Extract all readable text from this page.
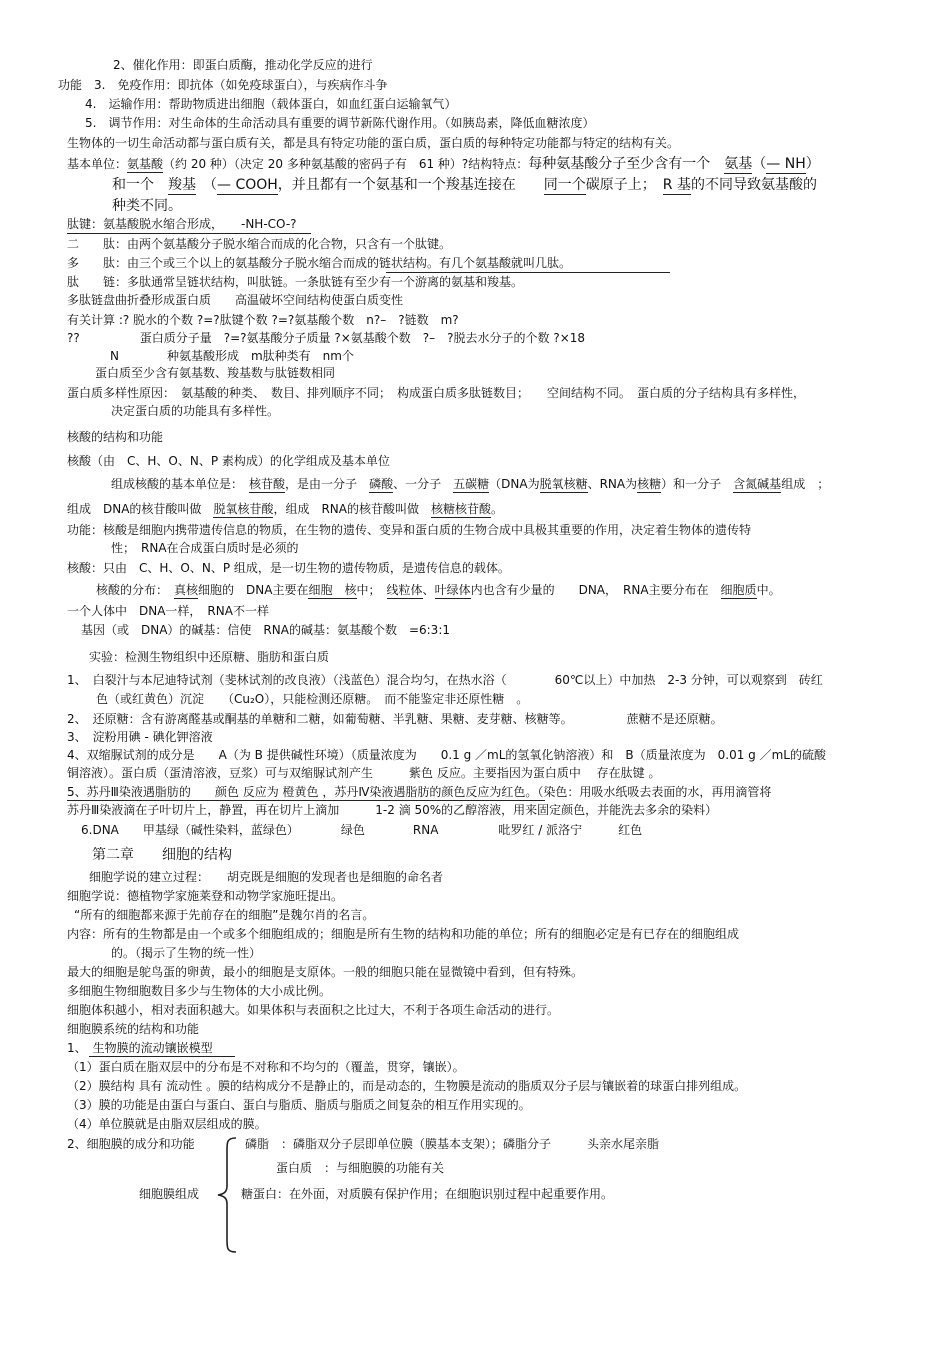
2、催化作用：即蛋白质酶，推动化学反应的进行
功能　3.　免疫作用：即抗体（如免疫球蛋白），与疾病作斗争
4.　运输作用：帮助物质进出细胞（载体蛋白，如血红蛋白运输氧气）
5.　调节作用：对生命体的生命活动具有重要的调节新陈代谢作用。（如胰岛素，降低血糖浓度）
生物体的一切生命活动都与蛋白质有关，都是具有特定功能的蛋白质，蛋白质的每种特定功能都与特定的结构有关。
基本单位：氨基酸（约 20 种）（决定 20 多种氨基酸的密码子有　61 种）?结构特点：每种氨基酸分子至少含有一个　 氨基（— NH）
和一个　 羧基　 （— COOH，并且都有一个氨基和一个羧基连接在　　 同一个碳原子上；　 R 基的不同导致氨基酸的
种类不同。
肽键：氨基酸脱水缩合形成，　　-NH-CO-?
二　　肽：由两个氨基酸分子脱水缩合而成的化合物，只含有一个肽键。
多　　肽：由三个或三个以上的氨基酸分子脱水缩合而成的链状结构。有几个氨基酸就叫几肽。
肽　　链：多肽通常呈链状结构，叫肽链。一条肽链有至少有一个游离的氨基和羧基。
多肽链盘曲折叠形成蛋白质　　高温破坏空间结构使蛋白质变性
有关计算 :? 脱水的个数 ?=?肽键个数 ?=?氨基酸个数　n?–　?链数　m?
??　　　　　蛋白质分子量　?=?氨基酸分子质量 ?×氨基酸个数　?–　?脱去水分子的个数 ?×18
N　　　　种氨基酸形成　m肽种类有　nm个
蛋白质至少含有氨基数、羧基数与肽链数相同
蛋白质多样性原因：　氨基酸的种类、　数目、排列顺序不同；　构成蛋白质多肽链数目；　　空间结构不同。　蛋白质的分子结构具有多样性，
决定蛋白质的功能具有多样性。
核酸的结构和功能
核酸（由　C、H、O、N、P 素构成）的化学组成及基本单位
组成核酸的基本单位是：　 核苷酸，是由一分子　 磷酸、一分子　 五碳糖（DNA为脱氧核糖、RNA为核糖）和一分子　 含氮碱基组成　；
组成　DNA的核苷酸叫做　 脱氧核苷酸，组成　RNA的核苷酸叫做　 核糖核苷酸。
功能：核酸是细胞内携带遗传信息的物质，在生物的遗传、变异和蛋白质的生物合成中具极其重要的作用，决定着生物体的遗传特
性；　RNA在合成蛋白质时是必须的
核酸：只由　C、H、O、N、P 组成，是一切生物的遗传物质，是遗传信息的载体。
核酸的分布：　 真核细胞的　DNA主要在细胞　核中；　 线粒体、叶绿体内也含有少量的　　DNA，　RNA主要分布在　 细胞质中。
一个人体中　DNA一样，　RNA不一样
基因（或　DNA）的碱基：信使　RNA的碱基：氨基酸个数　=6:3:1
实验：检测生物组织中还原糖、脂肪和蛋白质
1、　白裂汁与本尼迪特试剂（斐林试剂的改良液）（浅蓝色）混合均匀，在热水浴（　　　　60℃以上）中加热　2-3 分钟，可以观察到　砖红
色（或红黄色）沉淀　　（Cu₂O），只能检测还原糖。　而不能鉴定非还原性糖　。
2、　还原糖：含有游离醛基或酮基的单糖和二糖，如葡萄糖、半乳糖、果糖、麦芽糖、核糖等。　　　　　蔗糖不是还原糖。
3、　淀粉用碘 - 碘化钾溶液
4、双缩脲试剂的成分是　　A（为 B 提供碱性环境）（质量浓度为　　0.1 g ／mL的氢氧化钠溶液）和　B（质量浓度为　0.01 g ／mL的硫酸
铜溶液）。蛋白质（蛋清溶液，豆浆）可与双缩脲试剂产生　　　紫色 反应。主要指因为蛋白质中　 存在肽键 。
5、苏丹Ⅲ染液遇脂肪的　　颜色 反应为 橙黄色 ，苏丹Ⅳ染液遇脂肪的颜色反应为红色。（染色：用吸水纸吸去表面的水，再用滴管将
苏丹Ⅲ染液滴在子叶切片上，静置，再在切片上滴加　　　1-2 滴 50%的乙醇溶液，用来固定颜色，并能洗去多余的染料）
6.DNA　　甲基绿（碱性染料，蓝绿色）　　　　绿色　　　　RNA　　　　　吡罗红 / 派洛宁　　　红色
第二章　　细胞的结构
细胞学说的建立过程：　　胡克既是细胞的发现者也是细胞的命名者
细胞学说：德植物学家施莱登和动物学家施旺提出。
“所有的细胞都来源于先前存在的细胞”是魏尔肖的名言。
内容：所有的生物都是由一个或多个细胞组成的；细胞是所有生物的结构和功能的单位；所有的细胞必定是有已存在的细胞组成
的。（揭示了生物的统一性）
最大的细胞是鸵鸟蛋的卵黄，最小的细胞是支原体。一般的细胞只能在显微镜中看到，但有特殊。
多细胞生物细胞数目多少与生物体的大小成比例。
细胞体积越小，相对表面积越大。如果体积与表面积之比过大，不利于各项生命活动的进行。
细胞膜系统的结构和功能
1、　生物膜的流动镶嵌模型
（1）蛋白质在脂双层中的分布是不对称和不均匀的（覆盖，贯穿，镶嵌）。
（2）膜结构 具有 流动性 。膜的结构成分不是静止的，而是动态的，生物膜是流动的脂质双分子层与镶嵌着的球蛋白排列组成。
（3）膜的功能是由蛋白与蛋白、蛋白与脂质、脂质与脂质之间复杂的相互作用实现的。
（4）单位膜就是由脂双层组成的膜。
2、细胞膜的成分和功能	磷脂　：磷脂双分子层即单位膜（膜基本支架）；磷脂分子　　　头亲水尾亲脂
蛋白质　：与细胞膜的功能有关
细胞膜组成	糖蛋白：在外面，对质膜有保护作用；在细胞识别过程中起重要作用。
